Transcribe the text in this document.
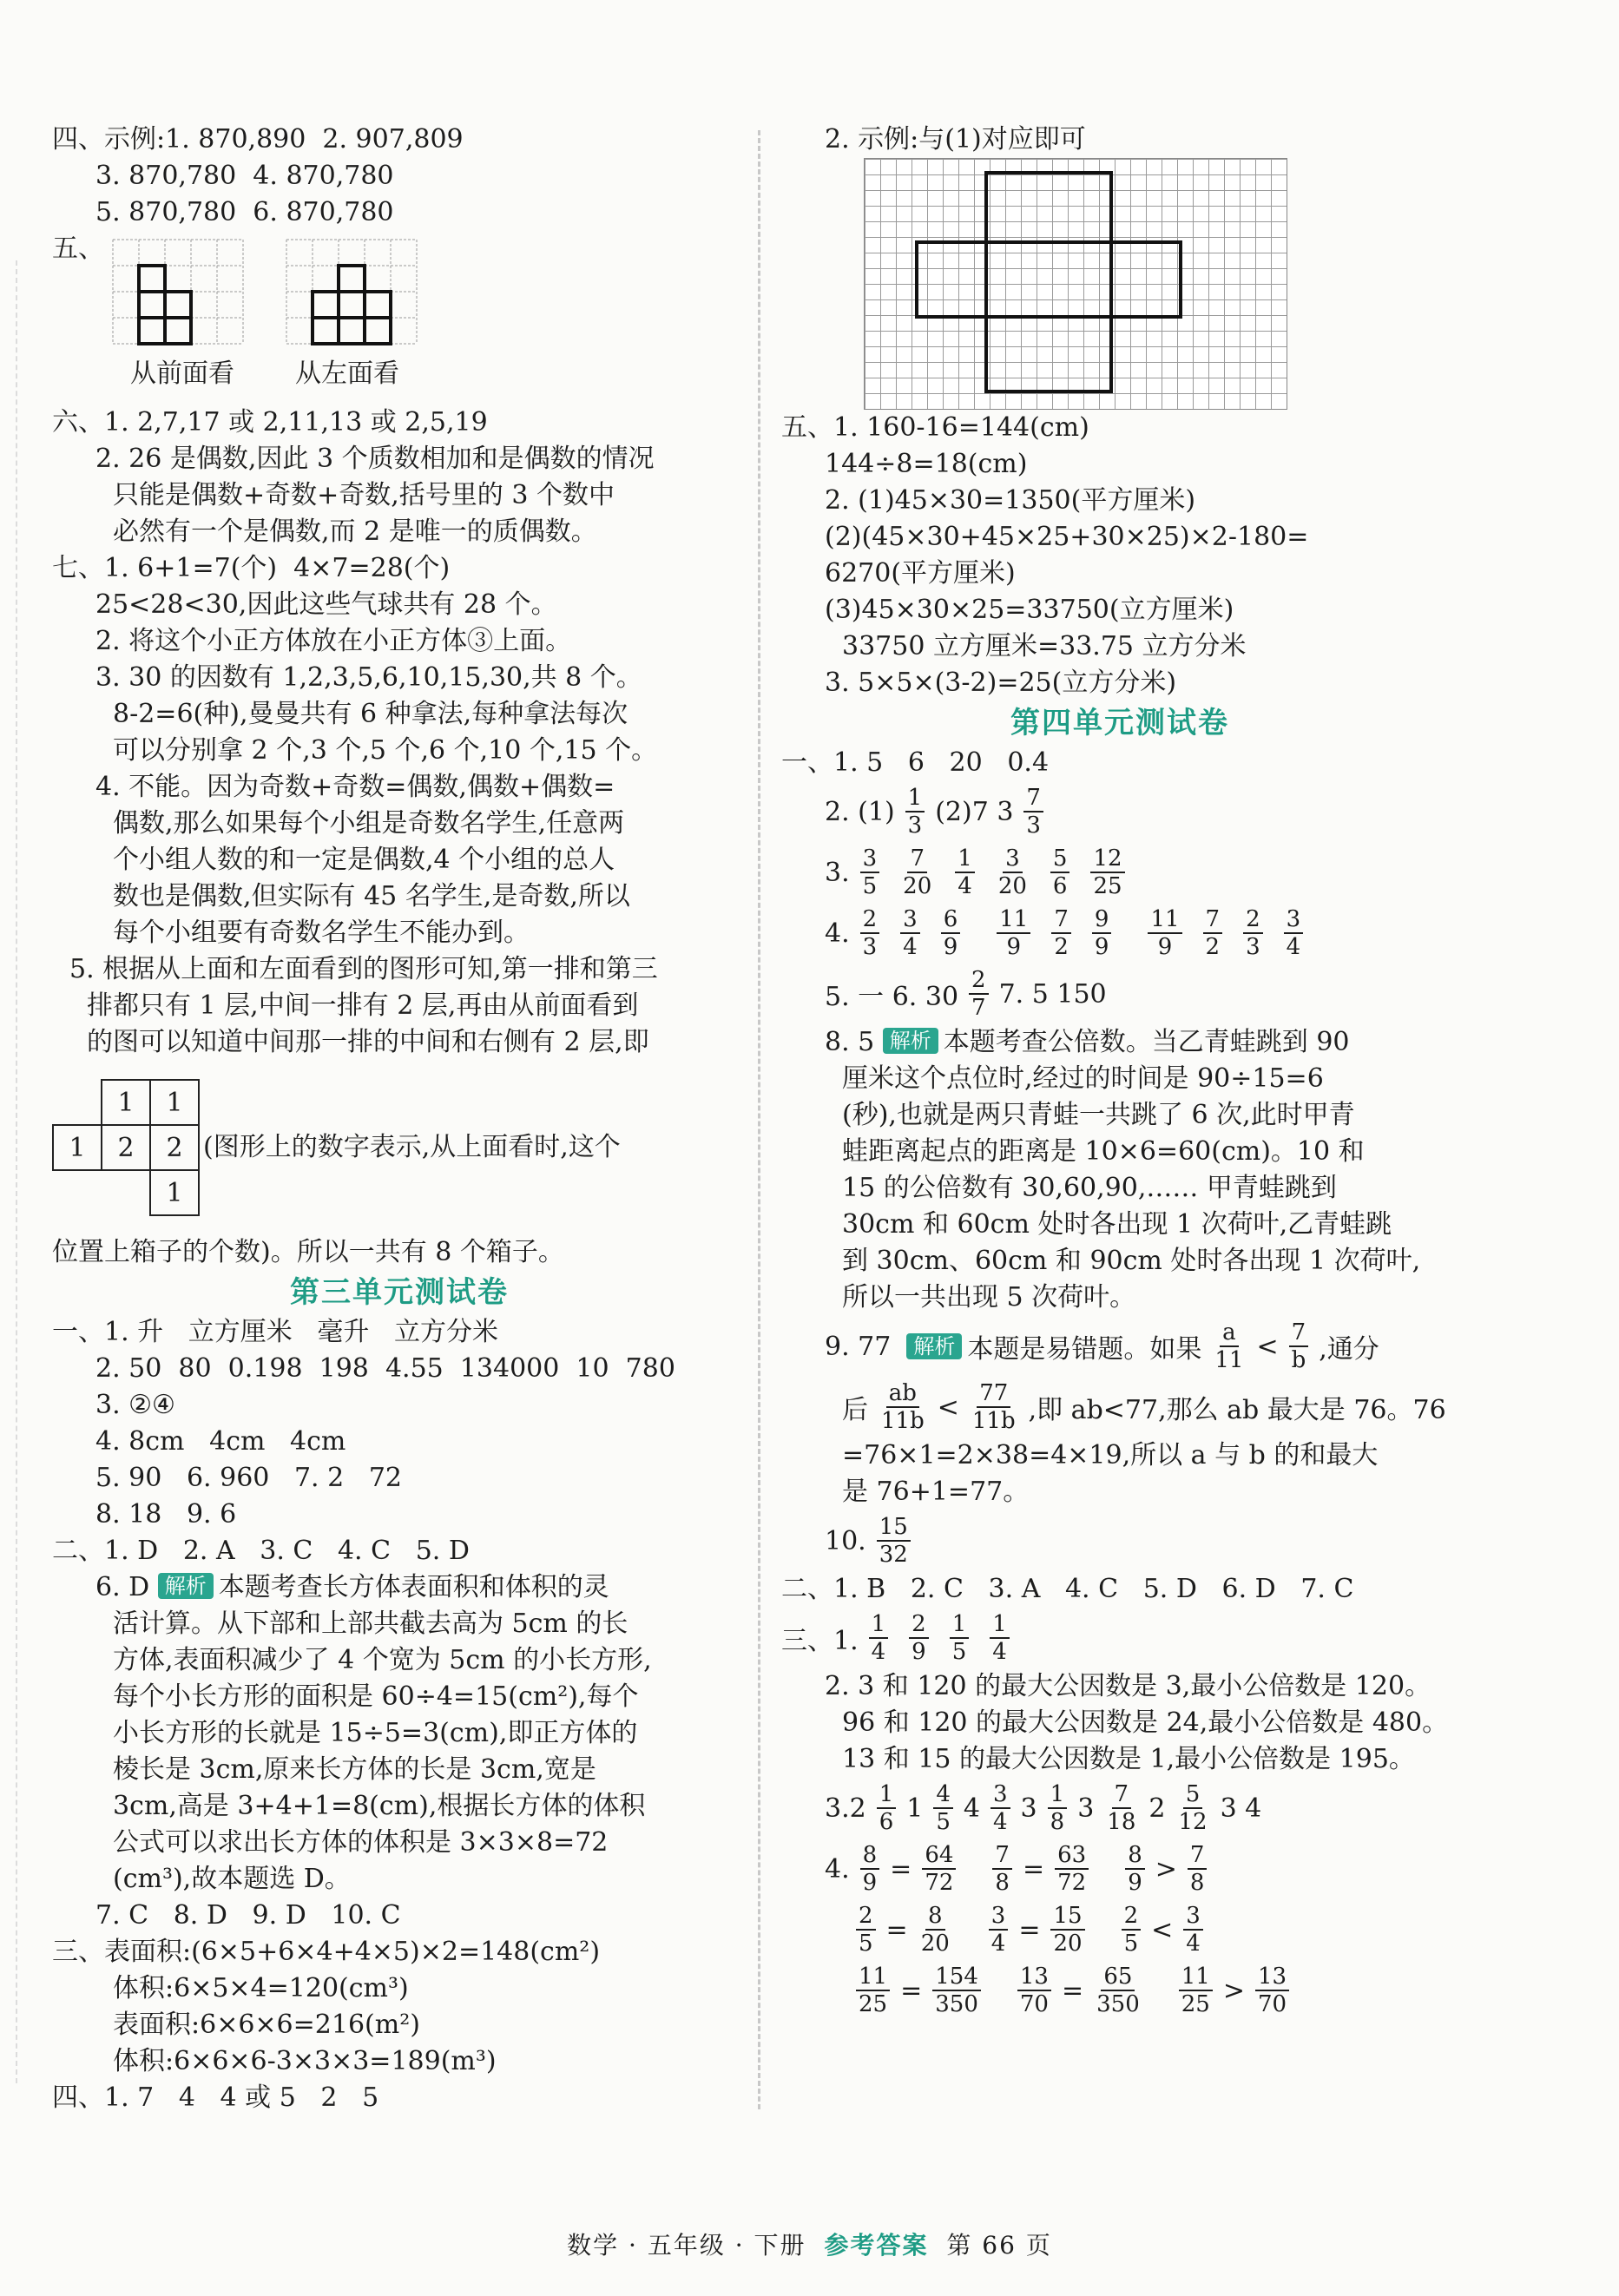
四、示例:1. 870,890  2. 907,809
3. 870,780  4. 870,780
5. 870,780  6. 870,780
五、
从前面看	从左面看
六、1. 2,7,17 或 2,11,13 或 2,5,19
2. 26 是偶数,因此 3 个质数相加和是偶数的情况
只能是偶数+奇数+奇数,括号里的 3 个数中
必然有一个是偶数,而 2 是唯一的质偶数。
七、1. 6+1=7(个)  4×7=28(个)
25<28<30,因此这些气球共有 28 个。
2. 将这个小正方体放在小正方体③上面。
3. 30 的因数有 1,2,3,5,6,10,15,30,共 8 个。
8-2=6(种),曼曼共有 6 种拿法,每种拿法每次
可以分别拿 2 个,3 个,5 个,6 个,10 个,15 个。
4. 不能。因为奇数+奇数=偶数,偶数+偶数=
偶数,那么如果每个小组是奇数名学生,任意两
个小组人数的和一定是偶数,4 个小组的总人
数也是偶数,但实际有 45 名学生,是奇数,所以
每个小组要有奇数名学生不能办到。
5. 根据从上面和左面看到的图形可知,第一排和第三
排都只有 1 层,中间一排有 2 层,再由从前面看到
的图可以知道中间那一排的中间和右侧有 2 层,即
	1	1
1	2	2
		1
(图形上的数字表示,从上面看时,这个
位置上箱子的个数)。所以一共有 8 个箱子。
第三单元测试卷
一、1. 升   立方厘米   毫升   立方分米
2. 50  80  0.198  198  4.55  134000  10  780
3. ②④
4. 8cm   4cm   4cm
5. 90   6. 960   7. 2   72
8. 18   9. 6
二、1. D   2. A   3. C   4. C   5. D
6. D 解析 本题考查长方体表面积和体积的灵
活计算。从下部和上部共截去高为 5cm 的长
方体,表面积减少了 4 个宽为 5cm 的小长方形,
每个小长方形的面积是 60÷4=15(cm²),每个
小长方形的长就是 15÷5=3(cm),即正方体的
棱长是 3cm,原来长方体的长是 3cm,宽是
3cm,高是 3+4+1=8(cm),根据长方体的体积
公式可以求出长方体的体积是 3×3×8=72
(cm³),故本题选 D。
7. C   8. D   9. D   10. C
三、表面积:(6×5+6×4+4×5)×2=148(cm²)
体积:6×5×4=120(cm³)
表面积:6×6×6=216(m²)
体积:6×6×6-3×3×3=189(m³)
四、1. 7   4   4 或 5   2   5
2. 示例:与(1)对应即可
五、1. 160-16=144(cm)
144÷8=18(cm)
2. (1)45×30=1350(平方厘米)
(2)(45×30+45×25+30×25)×2-180=
6270(平方厘米)
(3)45×30×25=33750(立方厘米)
33750 立方厘米=33.75 立方分米
3. 5×5×(3-2)=25(立方分米)
第四单元测试卷
一、1. 5   6   20   0.4
2. $(1) \frac{1}{3} (2)7$ $3 \frac{7}{3}$
3. $\frac{3}{5} \frac{7}{20} \frac{1}{4} \frac{3}{20} \frac{5}{6} \frac{12}{25}$
4. $\frac{2}{3} \frac{3}{4} \frac{6}{9} \frac{11}{9} \frac{7}{2} \frac{9}{9} \frac{11}{9} \frac{7}{2} \frac{2}{3} \frac{3}{4}$
5. 一 6. $30 \frac{2}{7} 7$. 5 150
8. 5 解析 本题考查公倍数。当乙青蛙跳到 90
厘米这个点位时,经过的时间是 90÷15=6
(秒),也就是两只青蛙一共跳了 6 次,此时甲青
蛙距离起点的距离是 10×6=60(cm)。10 和
15 的公倍数有 30,60,90,…… 甲青蛙跳到
30cm 和 60cm 处时各出现 1 次荷叶,乙青蛙跳
到 30cm、60cm 和 90cm 处时各出现 1 次荷叶,
所以一共出现 5 次荷叶。
9. 77	解析 本题是易错题。如果 $\frac{a}{11} < \frac{7}{b}$ ,通分
后 $\frac{ab}{11b} < \frac{77}{11b}$ ,即 ab<77,那么 ab 最大是 76。76
=76×1=2×38=4×19,所以 a 与 b 的和最大
是 76+1=77。
10. $\frac{15}{32}$
二、1. B   2. C   3. A   4. C   5. D   6. D   7. C
三、1. $\frac{1}{4} \frac{2}{9} \frac{1}{5} \frac{1}{4}$
2. 3 和 120 的最大公因数是 3,最小公倍数是 120。
96 和 120 的最大公因数是 24,最小公倍数是 480。
13 和 15 的最大公因数是 1,最小公倍数是 195。
3. $2 \frac{1}{6} 1 \frac{4}{5} 4 \frac{3}{4} 3 \frac{1}{8} 3 \frac{7}{18} 2 \frac{5}{12} 3$ 4
4. $\frac{8}{9} = \frac{64}{72} \frac{7}{8} = \frac{63}{72} \frac{8}{9} > \frac{7}{8}$
$\frac{2}{5} = \frac{8}{20} \frac{3}{4} = \frac{15}{20} \frac{2}{5} < \frac{3}{4}$
$\frac{11}{25} = \frac{154}{350} \frac{13}{70} = \frac{65}{350} \frac{11}{25} > \frac{13}{70}$
数学 · 五年级 · 下册 参考答案 第 66 页
